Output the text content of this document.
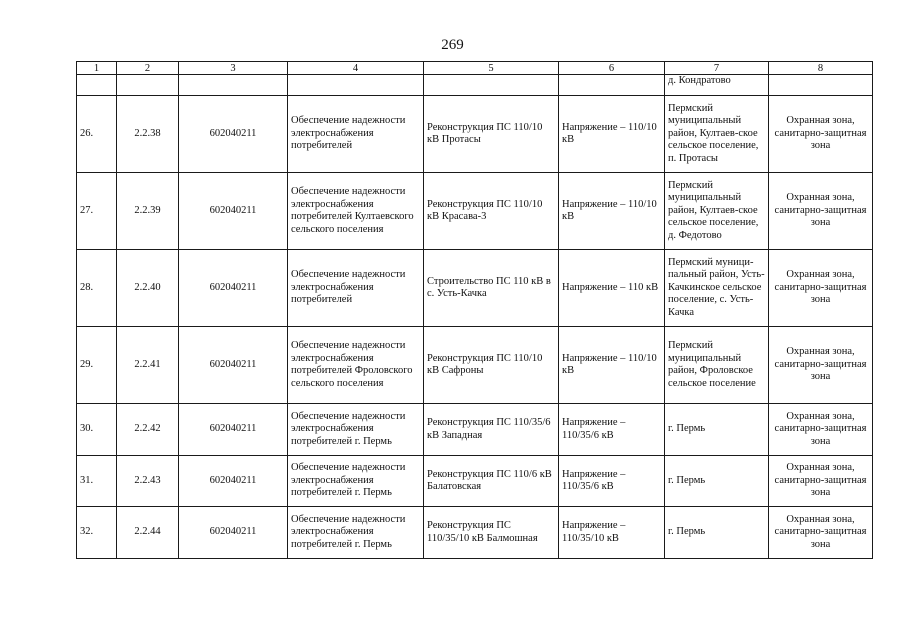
269
1	2	3	4	5	6	7	8
						д. Кондратово	
26.	2.2.38	602040211	Обеспечение надежности электроснабжения потребителей	Реконструкция ПС 110/10 кВ Протасы	Напряжение – 110/10 кВ	Пермский муниципальный район, Култаев-ское сельское поселение, п. Протасы	Охранная зона, санитарно-защитная зона
27.	2.2.39	602040211	Обеспечение надежности электроснабжения потребителей Култаевского сельского поселения	Реконструкция ПС 110/10 кВ Красава-3	Напряжение – 110/10 кВ	Пермский муниципальный район, Култаев-ское сельское поселение, д. Федотово	Охранная зона, санитарно-защитная зона
28.	2.2.40	602040211	Обеспечение надежности электроснабжения потребителей	Строительство ПС 110 кВ в с. Усть-Качка	Напряжение – 110 кВ	Пермский муници-пальный район, Усть-Качкинское сельское поселение, с. Усть-Качка	Охранная зона, санитарно-защитная зона
29.	2.2.41	602040211	Обеспечение надежности электроснабжения потребителей Фроловского сельского поселения	Реконструкция ПС 110/10 кВ Сафроны	Напряжение – 110/10 кВ	Пермский муниципальный район, Фроловское сельское поселение	Охранная зона, санитарно-защитная зона
30.	2.2.42	602040211	Обеспечение надежности электроснабжения потребителей г. Пермь	Реконструкция ПС 110/35/6 кВ Западная	Напряжение – 110/35/6 кВ	г. Пермь	Охранная зона, санитарно-защитная зона
31.	2.2.43	602040211	Обеспечение надежности электроснабжения потребителей г. Пермь	Реконструкция ПС 110/6 кВ Балатовская	Напряжение – 110/35/6 кВ	г. Пермь	Охранная зона, санитарно-защитная зона
32.	2.2.44	602040211	Обеспечение надежности электроснабжения потребителей г. Пермь	Реконструкция ПС 110/35/10 кВ Балмошная	Напряжение – 110/35/10 кВ	г. Пермь	Охранная зона, санитарно-защитная зона
